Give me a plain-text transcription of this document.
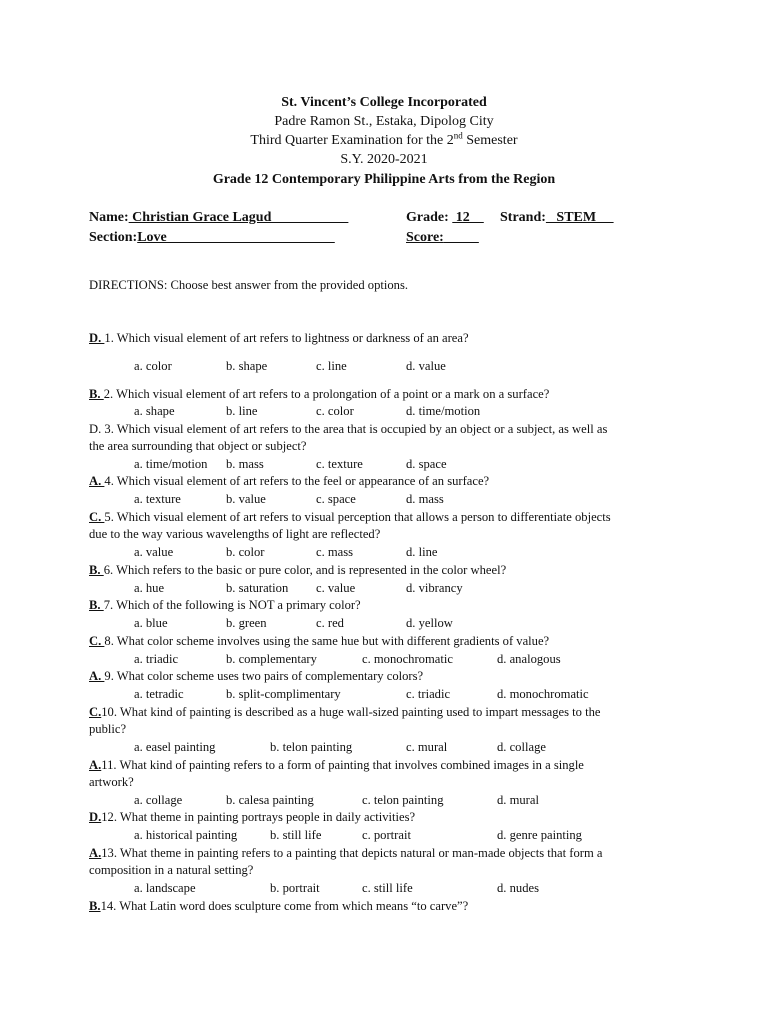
St. Vincent’s College Incorporated
Padre Ramon St., Estaka, Dipolog City
Third Quarter Examination for the 2nd Semester
S.Y. 2020-2021
Grade 12 Contemporary Philippine Arts from the Region
Name: Christian Grace Lagud	Grade:  12 Strand: _STEM
Section:Love	Score:
DIRECTIONS: Choose best answer from the provided options.
D. 1. Which visual element of art refers to lightness or darkness of an area?
a. color	b. shape	c. line	d. value
B. 2. Which visual element of art refers to a prolongation of a point or a mark on a surface?
a. shape	b. line	c. color	d. time/motion
D. 3. Which visual element of art refers to the area that is occupied by an object or a subject, as well as
the area surrounding that object or subject?
a. time/motion b. mass	c. texture	d. space
A. 4. Which visual element of art refers to the feel or appearance of an surface?
a. texture	b. value	c. space	d. mass
C. 5. Which visual element of art refers to visual perception that allows a person to differentiate objects
due to the way various wavelengths of light are reflected?
a. value	b. color	c. mass	d. line
B. 6. Which refers to the basic or pure color, and is represented in the color wheel?
a. hue	b. saturation c. value	d. vibrancy
B. 7. Which of the following is NOT a primary color?
a. blue	b. green	c. red	d. yellow
C. 8. What color scheme involves using the same hue but with different gradients of value?
a. triadic	b. complementary	c. monochromatic	d. analogous
A. 9. What color scheme uses two pairs of complementary colors?
a. tetradic	b. split-complimentary	c. triadic	d. monochromatic
C.10. What kind of painting is described as a huge wall-sized painting used to impart messages to the
public?
a. easel painting	b. telon painting	c. mural	d. collage
A.11. What kind of painting refers to a form of painting that involves combined images in a single
artwork?
a. collage	b. calesa painting	c. telon painting	d. mural
D.12. What theme in painting portrays people in daily activities?
a. historical painting	b. still life	c. portrait	d. genre painting
A.13. What theme in painting refers to a painting that depicts natural or man-made objects that form a
composition in a natural setting?
a. landscape	b. portrait	c. still life	d. nudes
B.14. What Latin word does sculpture come from which means “to carve”?
